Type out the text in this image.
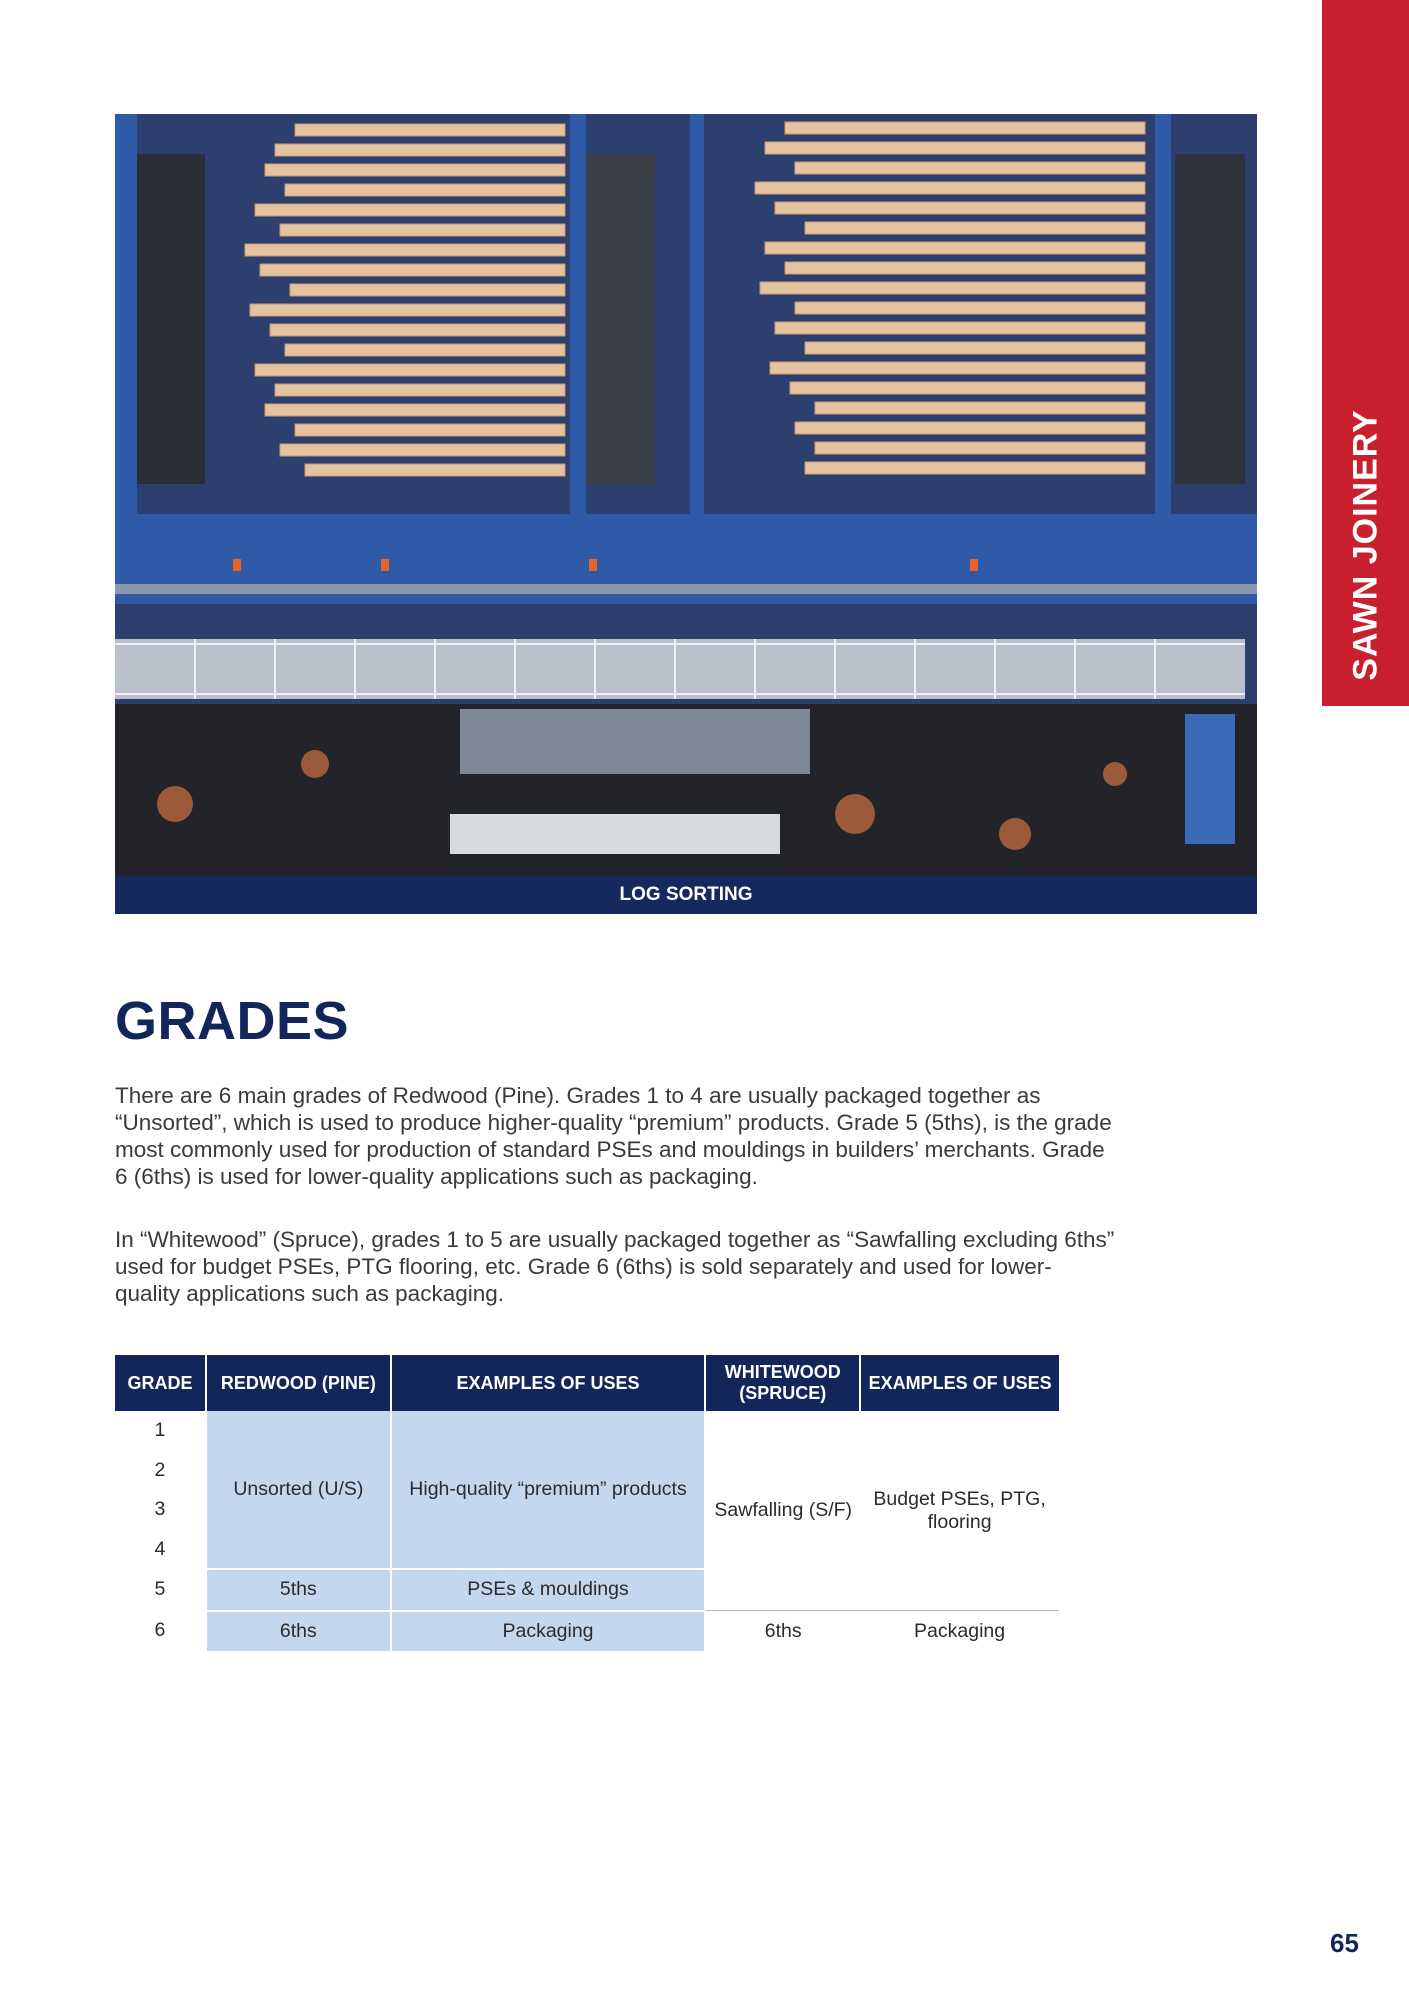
SAWN JOINERY
LOG SORTING
GRADES

There are 6 main grades of Redwood (Pine). Grades 1 to 4 are usually packaged together as “Unsorted”, which is used to produce higher-quality “premium” products. Grade 5 (5ths), is the grade most commonly used for production of standard PSEs and mouldings in builders’ merchants. Grade 6 (6ths) is used for lower-quality applications such as packaging.

In “Whitewood” (Spruce), grades 1 to 5 are usually packaged together as “Sawfalling excluding 6ths” used for budget PSEs, PTG flooring, etc. Grade 6 (6ths) is sold separately and used for lower-quality applications such as packaging.

GRADE	REDWOOD (PINE)	EXAMPLES OF USES	WHITEWOOD (SPRUCE)	EXAMPLES OF USES
1	Unsorted (U/S)	High-quality “premium” products	Sawfalling (S/F)	Budget PSEs, PTG, flooring
2				
3				
4				
5	5ths	PSEs & mouldings		
6	6ths	Packaging	6ths	Packaging
65
